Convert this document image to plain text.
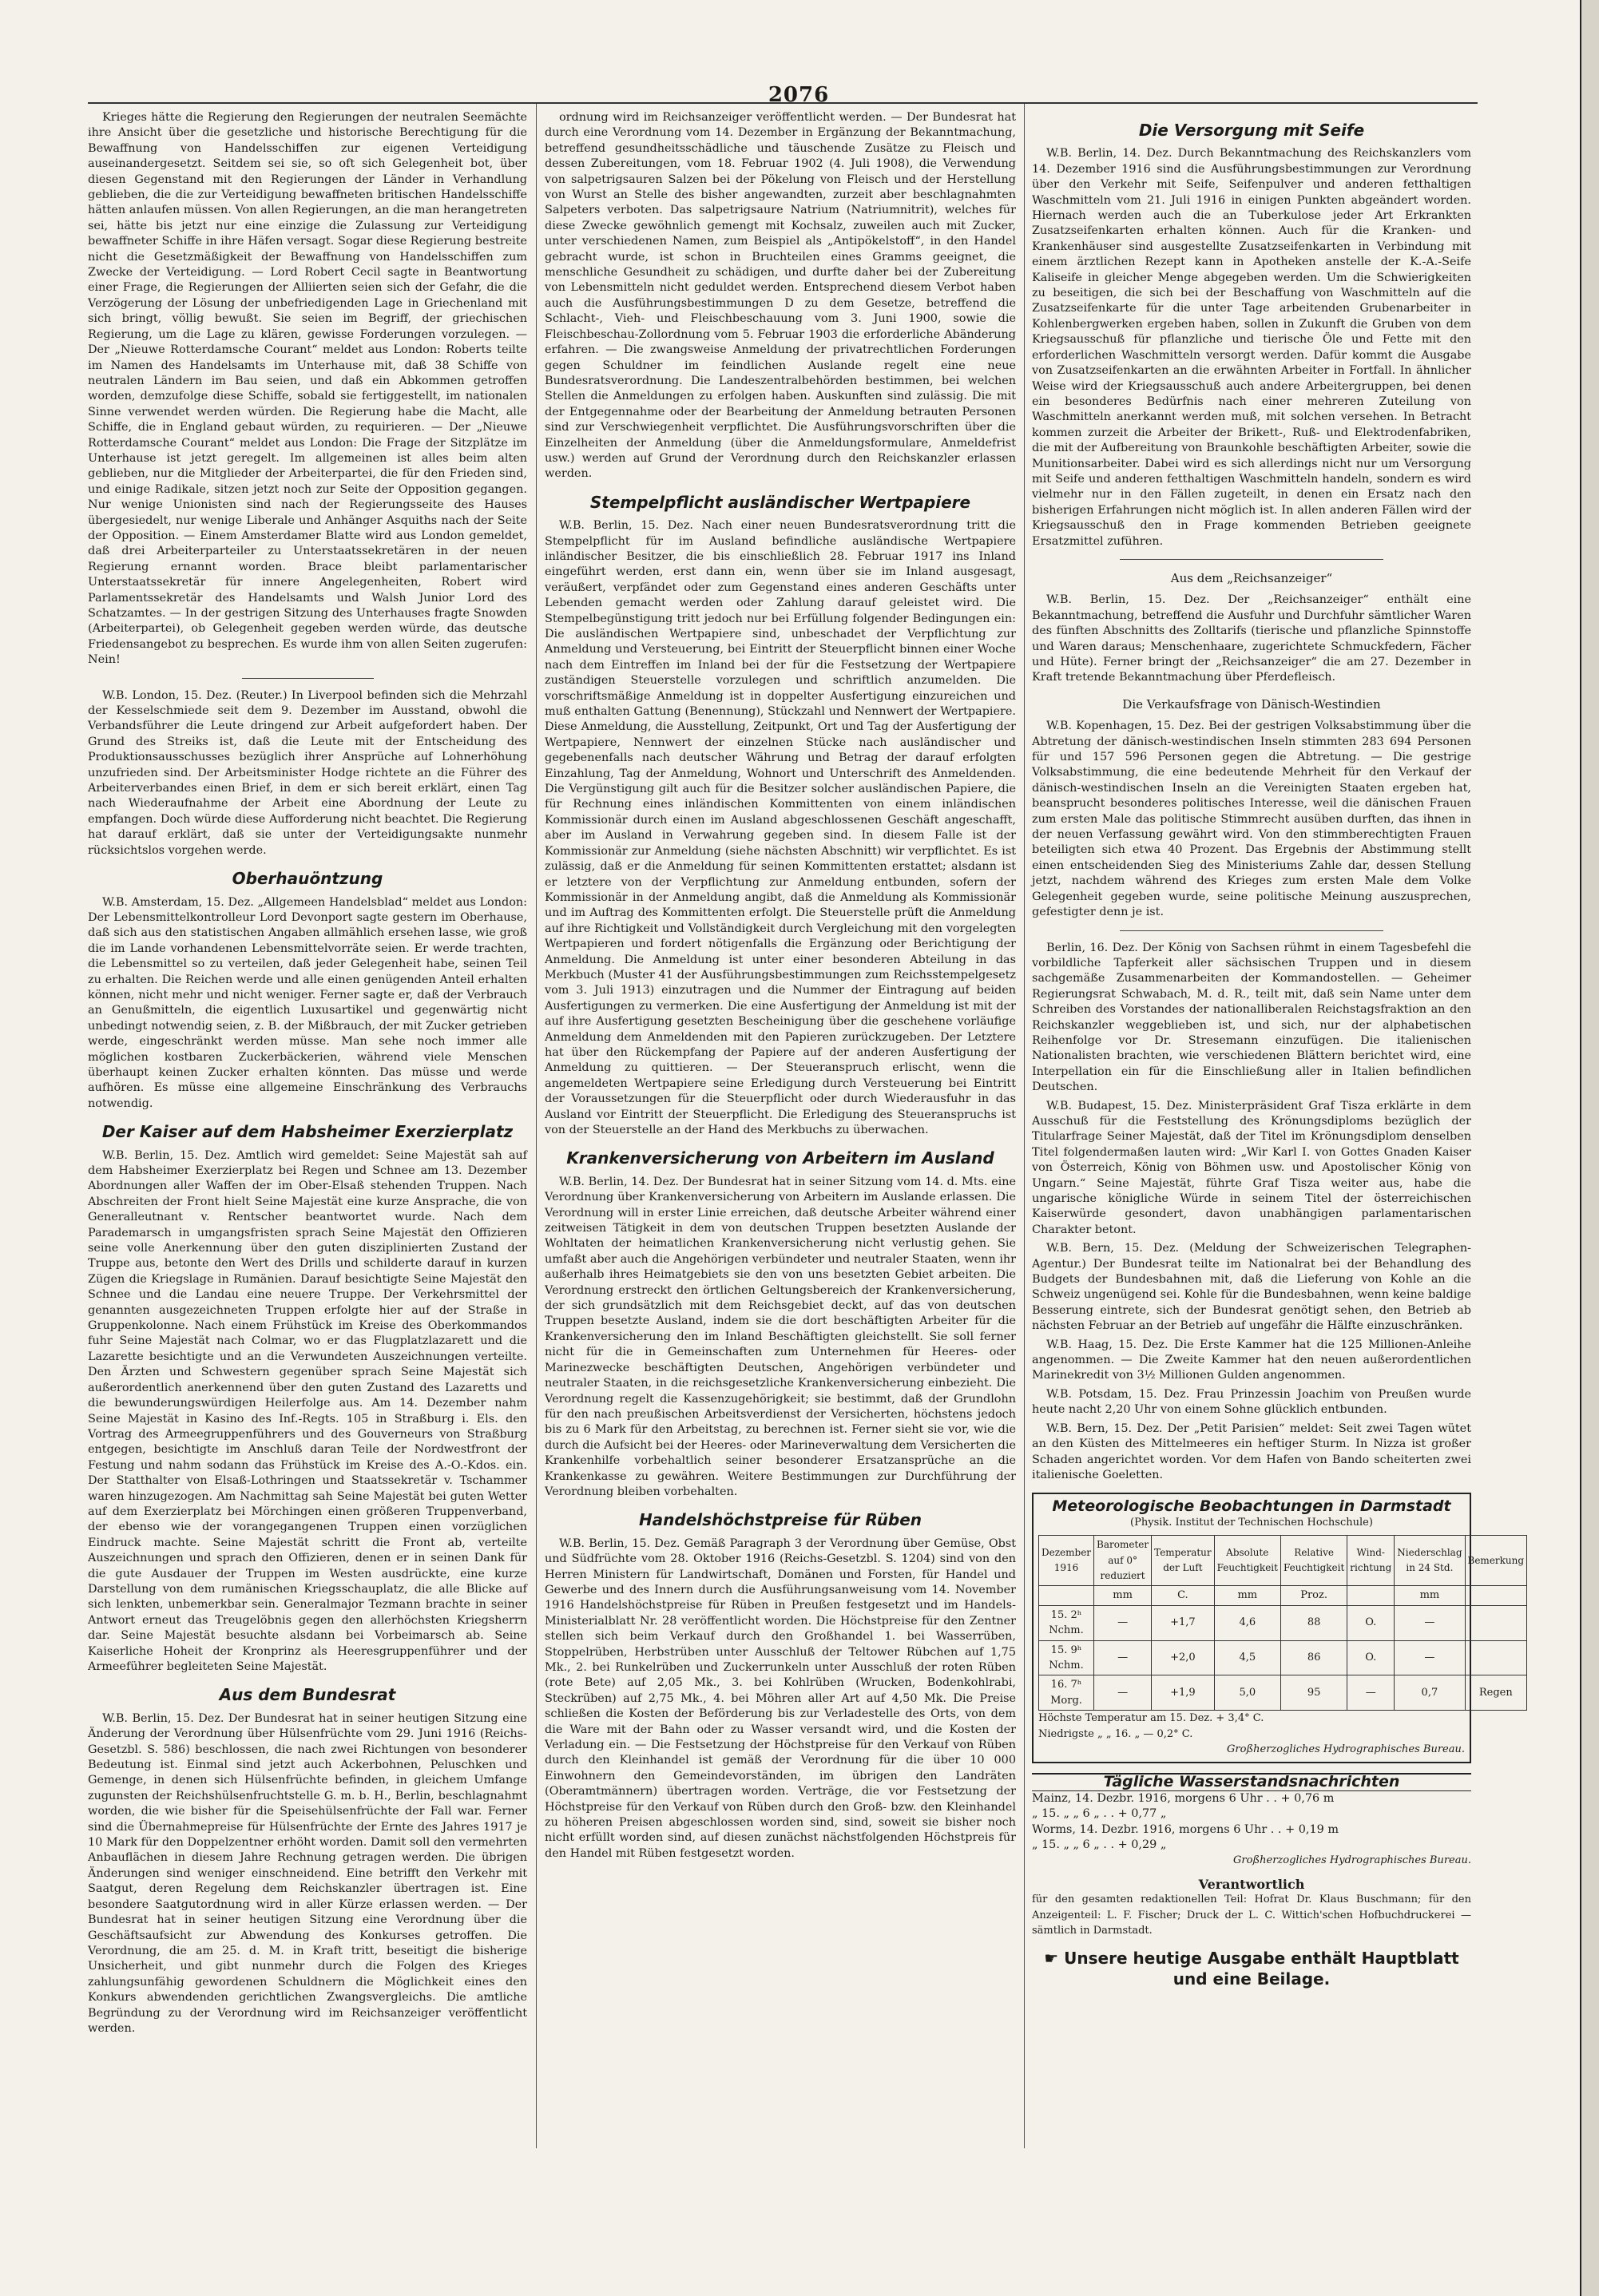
2076

Krieges hätte die Regierung den Regierungen der neutralen Seemächte ihre Ansicht über die gesetzliche und historische Berechtigung für die Bewaffnung von Handelsschiffen zur eigenen Verteidigung auseinandergesetzt. Seitdem sei sie, so oft sich Gelegenheit bot, über diesen Gegenstand mit den Regierungen der Länder in Verhandlung geblieben, die die zur Verteidigung bewaffneten britischen Handelsschiffe hätten anlaufen müssen. Von allen Regierungen, an die man herangetreten sei, hätte bis jetzt nur eine einzige die Zulassung zur Verteidigung bewaffneter Schiffe in ihre Häfen versagt. Sogar diese Regierung bestreite nicht die Gesetzmäßigkeit der Bewaffnung von Handelsschiffen zum Zwecke der Verteidigung. — Lord Robert Cecil sagte in Beantwortung einer Frage, die Regierungen der Alliierten seien sich der Gefahr, die die Verzögerung der Lösung der unbefriedigenden Lage in Griechenland mit sich bringt, völlig bewußt. Sie seien im Begriff, der griechischen Regierung, um die Lage zu klären, gewisse Forderungen vorzulegen. — Der „Nieuwe Rotterdamsche Courant“ meldet aus London: Roberts teilte im Namen des Handelsamts im Unterhause mit, daß 38 Schiffe von neutralen Ländern im Bau seien, und daß ein Abkommen getroffen worden, demzufolge diese Schiffe, sobald sie fertiggestellt, im nationalen Sinne verwendet werden würden. Die Regierung habe die Macht, alle Schiffe, die in England gebaut würden, zu requirieren. — Der „Nieuwe Rotterdamsche Courant“ meldet aus London: Die Frage der Sitzplätze im Unterhause ist jetzt geregelt. Im allgemeinen ist alles beim alten geblieben, nur die Mitglieder der Arbeiterpartei, die für den Frieden sind, und einige Radikale, sitzen jetzt noch zur Seite der Opposition gegangen. Nur wenige Unionisten sind nach der Regierungsseite des Hauses übergesiedelt, nur wenige Liberale und Anhänger Asquiths nach der Seite der Opposition. — Einem Amsterdamer Blatte wird aus London gemeldet, daß drei Arbeiterparteiler zu Unterstaatssekretären in der neuen Regierung ernannt worden. Brace bleibt parlamentarischer Unterstaatssekretär für innere Angelegenheiten, Robert wird Parlamentssekretär des Handelsamts und Walsh Junior Lord des Schatzamtes. — In der gestrigen Sitzung des Unterhauses fragte Snowden (Arbeiterpartei), ob Gelegenheit gegeben werden würde, das deutsche Friedensangebot zu besprechen. Es wurde ihm von allen Seiten zugerufen: Nein!

W.B. London, 15. Dez. (Reuter.) In Liverpool befinden sich die Mehrzahl der Kesselschmiede seit dem 9. Dezember im Ausstand, obwohl die Verbandsführer die Leute dringend zur Arbeit aufgefordert haben. Der Grund des Streiks ist, daß die Leute mit der Entscheidung des Produktionsausschusses bezüglich ihrer Ansprüche auf Lohnerhöhung unzufrieden sind. Der Arbeitsminister Hodge richtete an die Führer des Arbeiterverbandes einen Brief, in dem er sich bereit erklärt, einen Tag nach Wiederaufnahme der Arbeit eine Abordnung der Leute zu empfangen. Doch würde diese Aufforderung nicht beachtet. Die Regierung hat darauf erklärt, daß sie unter der Verteidigungsakte nunmehr rücksichtslos vorgehen werde.

Oberhauöntzung

W.B. Amsterdam, 15. Dez. „Allgemeen Handelsblad“ meldet aus London: Der Lebensmittelkontrolleur Lord Devonport sagte gestern im Oberhause, daß sich aus den statistischen Angaben allmählich ersehen lasse, wie groß die im Lande vorhandenen Lebensmittelvorräte seien. Er werde trachten, die Lebensmittel so zu verteilen, daß jeder Gelegenheit habe, seinen Teil zu erhalten. Die Reichen werde und alle einen genügenden Anteil erhalten können, nicht mehr und nicht weniger. Ferner sagte er, daß der Verbrauch an Genußmitteln, die eigentlich Luxusartikel und gegenwärtig nicht unbedingt notwendig seien, z. B. der Mißbrauch, der mit Zucker getrieben werde, eingeschränkt werden müsse. Man sehe noch immer alle möglichen kostbaren Zuckerbäckerien, während viele Menschen überhaupt keinen Zucker erhalten könnten. Das müsse und werde aufhören. Es müsse eine allgemeine Einschränkung des Verbrauchs notwendig.

Der Kaiser auf dem Habsheimer Exerzierplatz

W.B. Berlin, 15. Dez. Amtlich wird gemeldet: Seine Majestät sah auf dem Habsheimer Exerzierplatz bei Regen und Schnee am 13. Dezember Abordnungen aller Waffen der im Ober-Elsaß stehenden Truppen. Nach Abschreiten der Front hielt Seine Majestät eine kurze Ansprache, die von Generalleutnant v. Rentscher beantwortet wurde. Nach dem Parademarsch in umgangsfristen sprach Seine Majestät den Offizieren seine volle Anerkennung über den guten disziplinierten Zustand der Truppe aus, betonte den Wert des Drills und schilderte darauf in kurzen Zügen die Kriegslage in Rumänien. Darauf besichtigte Seine Majestät den Schnee und die Landau eine neuere Truppe. Der Verkehrsmittel der genannten ausgezeichneten Truppen erfolgte hier auf der Straße in Gruppenkolonne. Nach einem Frühstück im Kreise des Oberkommandos fuhr Seine Majestät nach Colmar, wo er das Flugplatzlazarett und die Lazarette besichtigte und an die Verwundeten Auszeichnungen verteilte. Den Ärzten und Schwestern gegenüber sprach Seine Majestät sich außerordentlich anerkennend über den guten Zustand des Lazaretts und die bewunderungswürdigen Heilerfolge aus. Am 14. Dezember nahm Seine Majestät in Kasino des Inf.-Regts. 105 in Straßburg i. Els. den Vortrag des Armeegruppenführers und des Gouverneurs von Straßburg entgegen, besichtigte im Anschluß daran Teile der Nordwestfront der Festung und nahm sodann das Frühstück im Kreise des A.-O.-Kdos. ein. Der Statthalter von Elsaß-Lothringen und Staatssekretär v. Tschammer waren hinzugezogen. Am Nachmittag sah Seine Majestät bei guten Wetter auf dem Exerzierplatz bei Mörchingen einen größeren Truppenverband, der ebenso wie der vorangegangenen Truppen einen vorzüglichen Eindruck machte. Seine Majestät schritt die Front ab, verteilte Auszeichnungen und sprach den Offizieren, denen er in seinen Dank für die gute Ausdauer der Truppen im Westen ausdrückte, eine kurze Darstellung von dem rumänischen Kriegsschauplatz, die alle Blicke auf sich lenkten, unbemerkbar sein. Generalmajor Tezmann brachte in seiner Antwort erneut das Treugelöbnis gegen den allerhöchsten Kriegsherrn dar. Seine Majestät besuchte alsdann bei Vorbeimarsch ab. Seine Kaiserliche Hoheit der Kronprinz als Heeresgruppenführer und der Armeeführer begleiteten Seine Majestät.

Aus dem Bundesrat

W.B. Berlin, 15. Dez. Der Bundesrat hat in seiner heutigen Sitzung eine Änderung der Verordnung über Hülsenfrüchte vom 29. Juni 1916 (Reichs-Gesetzbl. S. 586) beschlossen, die nach zwei Richtungen von besonderer Bedeutung ist. Einmal sind jetzt auch Ackerbohnen, Peluschken und Gemenge, in denen sich Hülsenfrüchte befinden, in gleichem Umfange zugunsten der Reichshülsenfruchtstelle G. m. b. H., Berlin, beschlagnahmt worden, die wie bisher für die Speisehülsenfrüchte der Fall war. Ferner sind die Übernahmepreise für Hülsenfrüchte der Ernte des Jahres 1917 je 10 Mark für den Doppelzentner erhöht worden. Damit soll den vermehrten Anbauflächen in diesem Jahre Rechnung getragen werden. Die übrigen Änderungen sind weniger einschneidend. Eine betrifft den Verkehr mit Saatgut, deren Regelung dem Reichskanzler übertragen ist. Eine besondere Saatgutordnung wird in aller Kürze erlassen werden. — Der Bundesrat hat in seiner heutigen Sitzung eine Verordnung über die Geschäftsaufsicht zur Abwendung des Konkurses getroffen. Die Verordnung, die am 25. d. M. in Kraft tritt, beseitigt die bisherige Unsicherheit, und gibt nunmehr durch die Folgen des Krieges zahlungsunfähig gewordenen Schuldnern die Möglichkeit eines den Konkurs abwendenden gerichtlichen Zwangsvergleichs. Die amtliche Begründung zu der Verordnung wird im Reichsanzeiger veröffentlicht werden.

ordnung wird im Reichsanzeiger veröffentlicht werden. — Der Bundesrat hat durch eine Verordnung vom 14. Dezember in Ergänzung der Bekanntmachung, betreffend gesundheitsschädliche und täuschende Zusätze zu Fleisch und dessen Zubereitungen, vom 18. Februar 1902 (4. Juli 1908), die Verwendung von salpetrigsauren Salzen bei der Pökelung von Fleisch und der Herstellung von Wurst an Stelle des bisher angewandten, zurzeit aber beschlagnahmten Salpeters verboten. Das salpetrigsaure Natrium (Natriumnitrit), welches für diese Zwecke gewöhnlich gemengt mit Kochsalz, zuweilen auch mit Zucker, unter verschiedenen Namen, zum Beispiel als „Antipökelstoff“, in den Handel gebracht wurde, ist schon in Bruchteilen eines Gramms geeignet, die menschliche Gesundheit zu schädigen, und durfte daher bei der Zubereitung von Lebensmitteln nicht geduldet werden. Entsprechend diesem Verbot haben auch die Ausführungsbestimmungen D zu dem Gesetze, betreffend die Schlacht-, Vieh- und Fleischbeschauung vom 3. Juni 1900, sowie die Fleischbeschau-Zollordnung vom 5. Februar 1903 die erforderliche Abänderung erfahren. — Die zwangsweise Anmeldung der privatrechtlichen Forderungen gegen Schuldner im feindlichen Auslande regelt eine neue Bundesratsverordnung. Die Landeszentralbehörden bestimmen, bei welchen Stellen die Anmeldungen zu erfolgen haben. Auskunften sind zulässig. Die mit der Entgegennahme oder der Bearbeitung der Anmeldung betrauten Personen sind zur Verschwiegenheit verpflichtet. Die Ausführungsvorschriften über die Einzelheiten der Anmeldung (über die Anmeldungsformulare, Anmeldefrist usw.) werden auf Grund der Verordnung durch den Reichskanzler erlassen werden.

Stempelpflicht ausländischer Wertpapiere

W.B. Berlin, 15. Dez. Nach einer neuen Bundesratsverordnung tritt die Stempelpflicht für im Ausland befindliche ausländische Wertpapiere inländischer Besitzer, die bis einschließlich 28. Februar 1917 ins Inland eingeführt werden, erst dann ein, wenn über sie im Inland ausgesagt, veräußert, verpfändet oder zum Gegenstand eines anderen Geschäfts unter Lebenden gemacht werden oder Zahlung darauf geleistet wird. Die Stempelbegünstigung tritt jedoch nur bei Erfüllung folgender Bedingungen ein: Die ausländischen Wertpapiere sind, unbeschadet der Verpflichtung zur Anmeldung und Versteuerung, bei Eintritt der Steuerpflicht binnen einer Woche nach dem Eintreffen im Inland bei der für die Festsetzung der Wertpapiere zuständigen Steuerstelle vorzulegen und schriftlich anzumelden. Die vorschriftsmäßige Anmeldung ist in doppelter Ausfertigung einzureichen und muß enthalten Gattung (Benennung), Stückzahl und Nennwert der Wertpapiere. Diese Anmeldung, die Ausstellung, Zeitpunkt, Ort und Tag der Ausfertigung der Wertpapiere, Nennwert der einzelnen Stücke nach ausländischer und gegebenenfalls nach deutscher Währung und Betrag der darauf erfolgten Einzahlung, Tag der Anmeldung, Wohnort und Unterschrift des Anmeldenden. Die Vergünstigung gilt auch für die Besitzer solcher ausländischen Papiere, die für Rechnung eines inländischen Kommittenten von einem inländischen Kommissionär durch einen im Ausland abgeschlossenen Geschäft angeschafft, aber im Ausland in Verwahrung gegeben sind. In diesem Falle ist der Kommissionär zur Anmeldung (siehe nächsten Abschnitt) wir verpflichtet. Es ist zulässig, daß er die Anmeldung für seinen Kommittenten erstattet; alsdann ist er letztere von der Verpflichtung zur Anmeldung entbunden, sofern der Kommissionär in der Anmeldung angibt, daß die Anmeldung als Kommissionär und im Auftrag des Kommittenten erfolgt. Die Steuerstelle prüft die Anmeldung auf ihre Richtigkeit und Vollständigkeit durch Vergleichung mit den vorgelegten Wertpapieren und fordert nötigenfalls die Ergänzung oder Berichtigung der Anmeldung. Die Anmeldung ist unter einer besonderen Abteilung in das Merkbuch (Muster 41 der Ausführungsbestimmungen zum Reichsstempelgesetz vom 3. Juli 1913) einzutragen und die Nummer der Eintragung auf beiden Ausfertigungen zu vermerken. Die eine Ausfertigung der Anmeldung ist mit der auf ihre Ausfertigung gesetzten Bescheinigung über die geschehene vorläufige Anmeldung dem Anmeldenden mit den Papieren zurückzugeben. Der Letztere hat über den Rückempfang der Papiere auf der anderen Ausfertigung der Anmeldung zu quittieren. — Der Steueranspruch erlischt, wenn die angemeldeten Wertpapiere seine Erledigung durch Versteuerung bei Eintritt der Voraussetzungen für die Steuerpflicht oder durch Wiederausfuhr in das Ausland vor Eintritt der Steuerpflicht. Die Erledigung des Steueranspruchs ist von der Steuerstelle an der Hand des Merkbuchs zu überwachen.

Krankenversicherung von Arbeitern im Ausland

W.B. Berlin, 14. Dez. Der Bundesrat hat in seiner Sitzung vom 14. d. Mts. eine Verordnung über Krankenversicherung von Arbeitern im Auslande erlassen. Die Verordnung will in erster Linie erreichen, daß deutsche Arbeiter während einer zeitweisen Tätigkeit in dem von deutschen Truppen besetzten Auslande der Wohltaten der heimatlichen Krankenversicherung nicht verlustig gehen. Sie umfaßt aber auch die Angehörigen verbündeter und neutraler Staaten, wenn ihr außerhalb ihres Heimatgebiets sie den von uns besetzten Gebiet arbeiten. Die Verordnung erstreckt den örtlichen Geltungsbereich der Krankenversicherung, der sich grundsätzlich mit dem Reichsgebiet deckt, auf das von deutschen Truppen besetzte Ausland, indem sie die dort beschäftigten Arbeiter für die Krankenversicherung den im Inland Beschäftigten gleichstellt. Sie soll ferner nicht für die in Gemeinschaften zum Unternehmen für Heeres- oder Marinezwecke beschäftigten Deutschen, Angehörigen verbündeter und neutraler Staaten, in die reichsgesetzliche Krankenversicherung einbezieht. Die Verordnung regelt die Kassenzugehörigkeit; sie bestimmt, daß der Grundlohn für den nach preußischen Arbeitsverdienst der Versicherten, höchstens jedoch bis zu 6 Mark für den Arbeitstag, zu berechnen ist. Ferner sieht sie vor, wie die durch die Aufsicht bei der Heeres- oder Marineverwaltung dem Versicherten die Krankenhilfe vorbehaltlich seiner besonderer Ersatzansprüche an die Krankenkasse zu gewähren. Weitere Bestimmungen zur Durchführung der Verordnung bleiben vorbehalten.

Handelshöchstpreise für Rüben

W.B. Berlin, 15. Dez. Gemäß Paragraph 3 der Verordnung über Gemüse, Obst und Südfrüchte vom 28. Oktober 1916 (Reichs-Gesetzbl. S. 1204) sind von den Herren Ministern für Landwirtschaft, Domänen und Forsten, für Handel und Gewerbe und des Innern durch die Ausführungsanweisung vom 14. November 1916 Handelshöchstpreise für Rüben in Preußen festgesetzt und im Handels-Ministerialblatt Nr. 28 veröffentlicht worden. Die Höchstpreise für den Zentner stellen sich beim Verkauf durch den Großhandel 1. bei Wasserrüben, Stoppelrüben, Herbstrüben unter Ausschluß der Teltower Rübchen auf 1,75 Mk., 2. bei Runkelrüben und Zuckerrunkeln unter Ausschluß der roten Rüben (rote Bete) auf 2,05 Mk., 3. bei Kohlrüben (Wrucken, Bodenkohlrabi, Steckrüben) auf 2,75 Mk., 4. bei Möhren aller Art auf 4,50 Mk. Die Preise schließen die Kosten der Beförderung bis zur Verladestelle des Orts, von dem die Ware mit der Bahn oder zu Wasser versandt wird, und die Kosten der Verladung ein. — Die Festsetzung der Höchstpreise für den Verkauf von Rüben durch den Kleinhandel ist gemäß der Verordnung für die über 10 000 Einwohnern den Gemeindevorständen, im übrigen den Landräten (Oberamtmännern) übertragen worden. Verträge, die vor Festsetzung der Höchstpreise für den Verkauf von Rüben durch den Groß- bzw. den Kleinhandel zu höheren Preisen abgeschlossen worden sind, sind, soweit sie bisher noch nicht erfüllt worden sind, auf diesen zunächst nächstfolgenden Höchstpreis für den Handel mit Rüben festgesetzt worden.

Die Versorgung mit Seife

W.B. Berlin, 14. Dez. Durch Bekanntmachung des Reichskanzlers vom 14. Dezember 1916 sind die Ausführungsbestimmungen zur Verordnung über den Verkehr mit Seife, Seifenpulver und anderen fetthaltigen Waschmitteln vom 21. Juli 1916 in einigen Punkten abgeändert worden. Hiernach werden auch die an Tuberkulose jeder Art Erkrankten Zusatzseifenkarten erhalten können. Auch für die Kranken- und Krankenhäuser sind ausgestellte Zusatzseifenkarten in Verbindung mit einem ärztlichen Rezept kann in Apotheken anstelle der K.-A.-Seife Kaliseife in gleicher Menge abgegeben werden. Um die Schwierigkeiten zu beseitigen, die sich bei der Beschaffung von Waschmitteln auf die Zusatzseifenkarte für die unter Tage arbeitenden Grubenarbeiter in Kohlenbergwerken ergeben haben, sollen in Zukunft die Gruben von dem Kriegsausschuß für pflanzliche und tierische Öle und Fette mit den erforderlichen Waschmitteln versorgt werden. Dafür kommt die Ausgabe von Zusatzseifenkarten an die erwähnten Arbeiter in Fortfall. In ähnlicher Weise wird der Kriegsausschuß auch andere Arbeitergruppen, bei denen ein besonderes Bedürfnis nach einer mehreren Zuteilung von Waschmitteln anerkannt werden muß, mit solchen versehen. In Betracht kommen zurzeit die Arbeiter der Brikett-, Ruß- und Elektrodenfabriken, die mit der Aufbereitung von Braunkohle beschäftigten Arbeiter, sowie die Munitionsarbeiter. Dabei wird es sich allerdings nicht nur um Versorgung mit Seife und anderen fetthaltigen Waschmitteln handeln, sondern es wird vielmehr nur in den Fällen zugeteilt, in denen ein Ersatz nach den bisherigen Erfahrungen nicht möglich ist. In allen anderen Fällen wird der Kriegsausschuß den in Frage kommenden Betrieben geeignete Ersatzmittel zuführen.

Aus dem „Reichsanzeiger“

W.B. Berlin, 15. Dez. Der „Reichsanzeiger“ enthält eine Bekanntmachung, betreffend die Ausfuhr und Durchfuhr sämtlicher Waren des fünften Abschnitts des Zolltarifs (tierische und pflanzliche Spinnstoffe und Waren daraus; Menschenhaare, zugerichtete Schmuckfedern, Fächer und Hüte). Ferner bringt der „Reichsanzeiger“ die am 27. Dezember in Kraft tretende Bekanntmachung über Pferdefleisch.

Die Verkaufsfrage von Dänisch-Westindien

W.B. Kopenhagen, 15. Dez. Bei der gestrigen Volksabstimmung über die Abtretung der dänisch-westindischen Inseln stimmten 283 694 Personen für und 157 596 Personen gegen die Abtretung. — Die gestrige Volksabstimmung, die eine bedeutende Mehrheit für den Verkauf der dänisch-westindischen Inseln an die Vereinigten Staaten ergeben hat, beansprucht besonderes politisches Interesse, weil die dänischen Frauen zum ersten Male das politische Stimmrecht ausüben durften, das ihnen in der neuen Verfassung gewährt wird. Von den stimmberechtigten Frauen beteiligten sich etwa 40 Prozent. Das Ergebnis der Abstimmung stellt einen entscheidenden Sieg des Ministeriums Zahle dar, dessen Stellung jetzt, nachdem während des Krieges zum ersten Male dem Volke Gelegenheit gegeben wurde, seine politische Meinung auszusprechen, gefestigter denn je ist.

Berlin, 16. Dez. Der König von Sachsen rühmt in einem Tagesbefehl die vorbildliche Tapferkeit aller sächsischen Truppen und in diesem sachgemäße Zusammenarbeiten der Kommandostellen. — Geheimer Regierungsrat Schwabach, M. d. R., teilt mit, daß sein Name unter dem Schreiben des Vorstandes der nationalliberalen Reichstagsfraktion an den Reichskanzler weggeblieben ist, und sich, nur der alphabetischen Reihenfolge vor Dr. Stresemann einzufügen. Die italienischen Nationalisten brachten, wie verschiedenen Blättern berichtet wird, eine Interpellation ein für die Einschließung aller in Italien befindlichen Deutschen.

W.B. Budapest, 15. Dez. Ministerpräsident Graf Tisza erklärte in dem Ausschuß für die Feststellung des Krönungsdiploms bezüglich der Titularfrage Seiner Majestät, daß der Titel im Krönungsdiplom denselben Titel folgendermaßen lauten wird: „Wir Karl I. von Gottes Gnaden Kaiser von Österreich, König von Böhmen usw. und Apostolischer König von Ungarn.“ Seine Majestät, führte Graf Tisza weiter aus, habe die ungarische königliche Würde in seinem Titel der österreichischen Kaiserwürde gesondert, davon unabhängigen parlamentarischen Charakter betont.

W.B. Bern, 15. Dez. (Meldung der Schweizerischen Telegraphen-Agentur.) Der Bundesrat teilte im Nationalrat bei der Behandlung des Budgets der Bundesbahnen mit, daß die Lieferung von Kohle an die Schweiz ungenügend sei. Kohle für die Bundesbahnen, wenn keine baldige Besserung eintrete, sich der Bundesrat genötigt sehen, den Betrieb ab nächsten Februar an der Betrieb auf ungefähr die Hälfte einzuschränken.

W.B. Haag, 15. Dez. Die Erste Kammer hat die 125 Millionen-Anleihe angenommen. — Die Zweite Kammer hat den neuen außerordentlichen Marinekredit von 3½ Millionen Gulden angenommen.

W.B. Potsdam, 15. Dez. Frau Prinzessin Joachim von Preußen wurde heute nacht 2,20 Uhr von einem Sohne glücklich entbunden.

W.B. Bern, 15. Dez. Der „Petit Parisien“ meldet: Seit zwei Tagen wütet an den Küsten des Mittelmeeres ein heftiger Sturm. In Nizza ist großer Schaden angerichtet worden. Vor dem Hafen von Bando scheiterten zwei italienische Goeletten.

Meteorologische Beobachtungen in Darmstadt
(Physik. Institut der Technischen Hochschule)
Dezember 1916	Barometer auf 0° reduziert	Temperatur der Luft	Absolute Feuchtigkeit	Relative Feuchtigkeit	Wind-richtung	Niederschlag in 24 Std.	Bemerkung
	mm	C.	mm	Proz.		mm	
15. 2ʰ Nchm.	—	+1,7	4,6	88	O.	—	
15. 9ʰ Nchm.	—	+2,0	4,5	86	O.	—	
16. 7ʰ Morg.	—	+1,9	5,0	95	—	0,7	Regen
Höchste Temperatur am 15. Dez. + 3,4° C.
Niedrigste „ „ 16. „ — 0,2° C.
Großherzogliches Hydrographisches Bureau.
Tägliche Wasserstandsnachrichten
Mainz, 14. Dezbr. 1916, morgens 6 Uhr . . + 0,76 m
„ 15. „ „ 6 „ . . + 0,77 „
Worms, 14. Dezbr. 1916, morgens 6 Uhr . . + 0,19 m
„ 15. „ „ 6 „ . . + 0,29 „
Großherzogliches Hydrographisches Bureau.
Verantwortlich
für den gesamten redaktionellen Teil: Hofrat Dr. Klaus Buschmann; für den Anzeigenteil: L. F. Fischer; Druck der L. C. Wittich'schen Hofbuchdruckerei — sämtlich in Darmstadt.
☛ Unsere heutige Ausgabe enthält Hauptblatt und eine Beilage.
